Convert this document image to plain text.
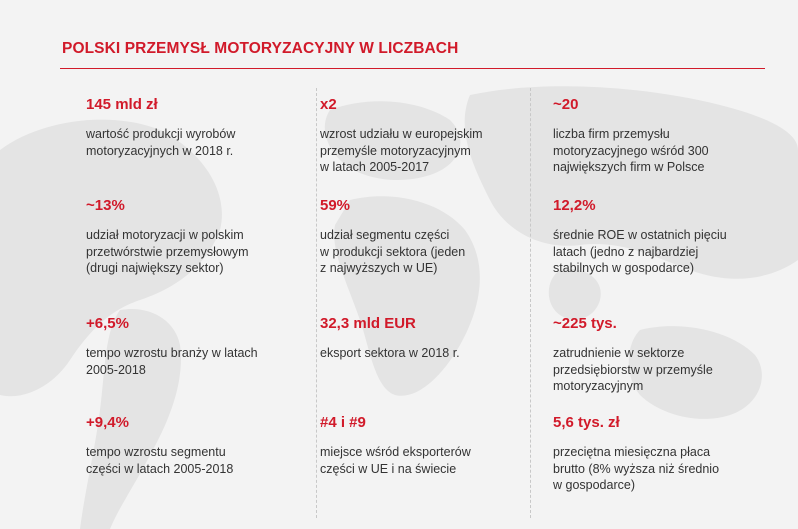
POLSKI PRZEMYSŁ MOTORYZACYJNY W LICZBACH
145 mld zł
wartość produkcji wyrobów
motoryzacyjnych w 2018 r.
x2
wzrost udziału w europejskim
przemyśle motoryzacyjnym
w latach 2005-2017
~20
liczba firm przemysłu
motoryzacyjnego wśród 300
największych firm w Polsce
~13%
udział motoryzacji w polskim
przetwórstwie przemysłowym
(drugi największy sektor)
59%
udział segmentu części
w produkcji sektora (jeden
z najwyższych w UE)
12,2%
średnie ROE w ostatnich pięciu
latach (jedno z najbardziej
stabilnych w gospodarce)
+6,5%
tempo wzrostu branży w latach
2005-2018
32,3 mld EUR
eksport sektora w 2018 r.
~225 tys.
zatrudnienie w sektorze
przedsiębiorstw w przemyśle
motoryzacyjnym
+9,4%
tempo wzrostu segmentu
części w latach 2005-2018
#4 i #9
miejsce wśród eksporterów
części w UE i na świecie
5,6 tys. zł
przeciętna miesięczna płaca
brutto (8% wyższa niż średnio
w gospodarce)
